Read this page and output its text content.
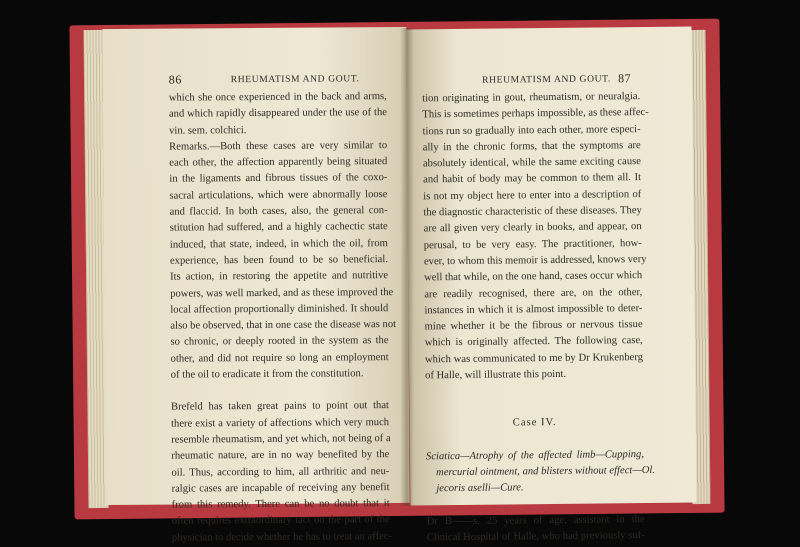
86	RHEUMATISM AND GOUT.
which she once experienced in the back and arms,
and which rapidly disappeared under the use of the
vin. sem. colchici.
Remarks.—Both these cases are very similar to
each other, the affection apparently being situated
in the ligaments and fibrous tissues of the coxo-
sacral articulations, which were abnormally loose
and flaccid. In both cases, also, the general con-
stitution had suffered, and a highly cachectic state
induced, that state, indeed, in which the oil, from
experience, has been found to be so beneficial.
Its action, in restoring the appetite and nutritive
powers, was well marked, and as these improved the
local affection proportionally diminished. It should
also be observed, that in one case the disease was not
so chronic, or deeply rooted in the system as the
other, and did not require so long an employment
of the oil to eradicate it from the constitution.
Brefeld has taken great pains to point out that
there exist a variety of affections which very much
resemble rheumatism, and yet which, not being of a
rheumatic nature, are in no way benefited by the
oil. Thus, according to him, all arthritic and neu-
ralgic cases are incapable of receiving any benefit
from this remedy. There can be no doubt that it
often requires extraordinary tact on the part of the
physician to decide whether he has to treat an affec-
RHEUMATISM AND GOUT. 87
tion originating in gout, rheumatism, or neuralgia.
This is sometimes perhaps impossible, as these affec-
tions run so gradually into each other, more especi-
ally in the chronic forms, that the symptoms are
absolutely identical, while the same exciting cause
and habit of body may be common to them all. It
is not my object here to enter into a description of
the diagnostic characteristic of these diseases. They
are all given very clearly in books, and appear, on
perusal, to be very easy. The practitioner, how-
ever, to whom this memoir is addressed, knows very
well that while, on the one hand, cases occur which
are readily recognised, there are, on the other,
instances in which it is almost impossible to deter-
mine whether it be the fibrous or nervous tissue
which is originally affected. The following case,
which was communicated to me by Dr Krukenberg
of Halle, will illustrate this point.
Case IV.
Sciatica—Atrophy of the affected limb—Cupping,
mercurial ointment, and blisters without effect—Ol.
jecoris aselli—Cure.
Dr B——s, 25 years of age, assistant in the
Clinical Hospital of Halle, who had previously suf-
